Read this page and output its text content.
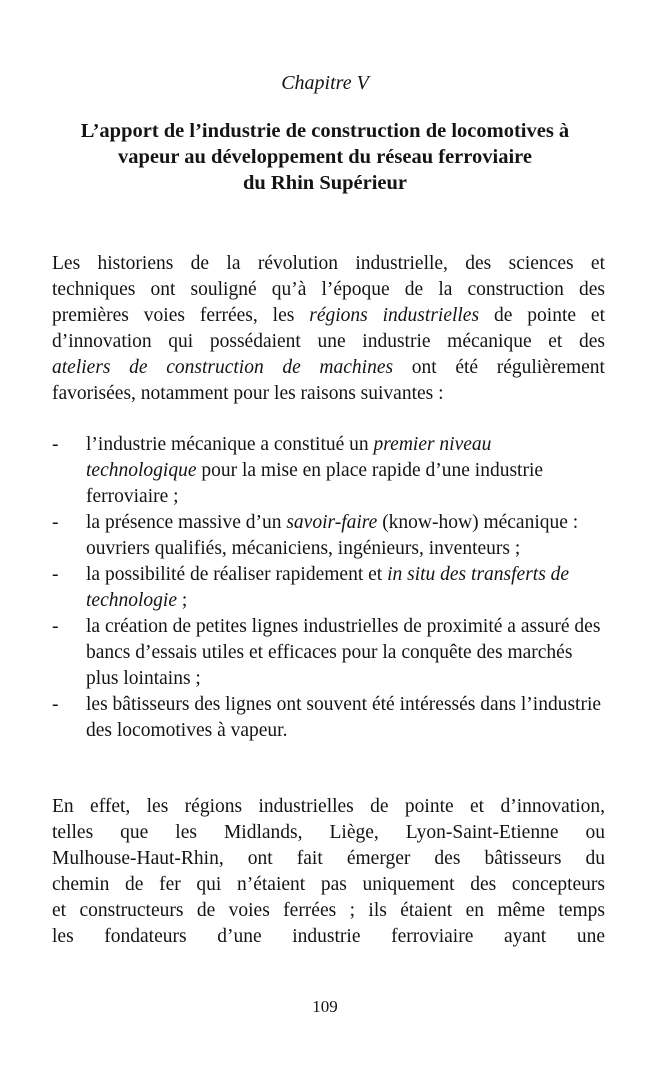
Chapitre V
L’apport de l’industrie de construction de locomotives à
vapeur au développement du réseau ferroviaire
du Rhin Supérieur
Les historiens de la révolution industrielle, des sciences et
techniques ont souligné qu’à l’époque de la construction des
premières voies ferrées, les régions industrielles de pointe et
d’innovation qui possédaient une industrie mécanique et des
ateliers de construction de machines ont été régulièrement
favorisées, notamment pour les raisons suivantes :
- l’industrie mécanique a constitué un premier niveau technologique pour la mise en place rapide d’une industrie ferroviaire ;
- la présence massive d’un savoir-faire (know-how) mécanique : ouvriers qualifiés, mécaniciens, ingénieurs, inventeurs ;
- la possibilité de réaliser rapidement et in situ des transferts de technologie ;
- la création de petites lignes industrielles de proximité a assuré des bancs d’essais utiles et efficaces pour la conquête des marchés plus lointains ;
- les bâtisseurs des lignes ont souvent été intéressés dans l’industrie des locomotives à vapeur.
En effet, les régions industrielles de pointe et d’innovation,
telles que les Midlands, Liège, Lyon-Saint-Etienne ou
Mulhouse-Haut-Rhin, ont fait émerger des bâtisseurs du
chemin de fer qui n’étaient pas uniquement des concepteurs
et constructeurs de voies ferrées ; ils étaient en même temps
les fondateurs d’une industrie ferroviaire ayant une
109
